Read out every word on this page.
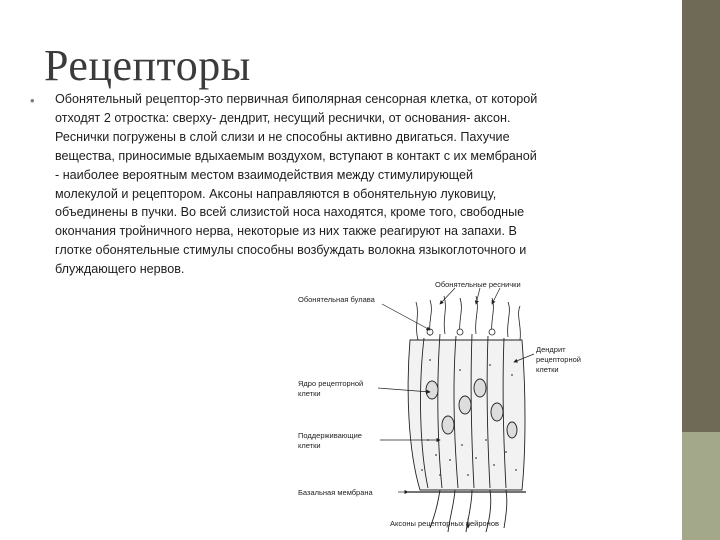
Рецепторы
• Обонятельный рецептор-это первичная биполярная сенсорная клетка, от которой
отходят 2 отростка: сверху- дендрит, несущий реснички, от основания- аксон.
Реснички погружены в слой слизи и не способны активно двигаться. Пахучие
вещества, приносимые вдыхаемым воздухом, вступают в контакт с их мембраной
- наиболее вероятным местом взаимодействия между стимулирующей
молекулой и рецептором. Аксоны направляются в обонятельную луковицу,
объединены в пучки. Во всей слизистой носа находятся, кроме того, свободные
окончания тройничного нерва, некоторые из них также реагируют на запахи. В
глотке обонятельные стимулы способны возбуждать волокна языкоглоточного и
блуждающего нервов.
Обонятельные реснички
Обонятельная булава
Дендрит
рецепторной
клетки
Ядро рецепторной
клетки
Поддерживающие
клетки
Базальная мембрана
Аксоны рецепторных нейронов
